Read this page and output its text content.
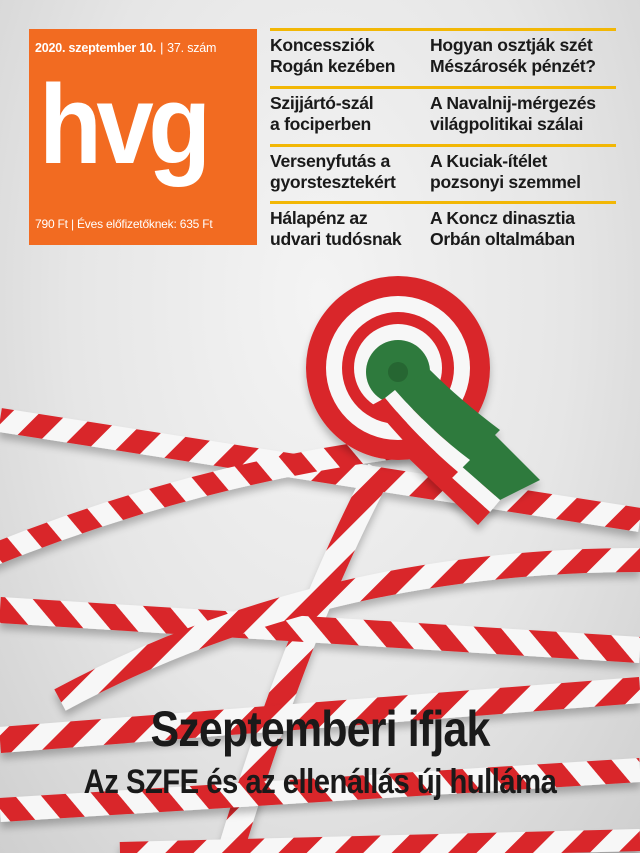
2020. szeptember 10. | 37. szám
hvg
790 Ft | Éves előfizetőknek: 635 Ft
Koncessziók
Rogán kezében
Hogyan osztják szét
Mészárosék pénzét?
Szijjártó-szál
a fociperben
A Navalnij-mérgezés
világpolitikai szálai
Versenyfutás a
gyorstesztekért
A Kuciak-ítélet
pozsonyi szemmel
Hálapénz az
udvari tudósnak
A Koncz dinasztia
Orbán oltalmában
Szeptemberi ifjak
Az SZFE és az ellenállás új hulláma
